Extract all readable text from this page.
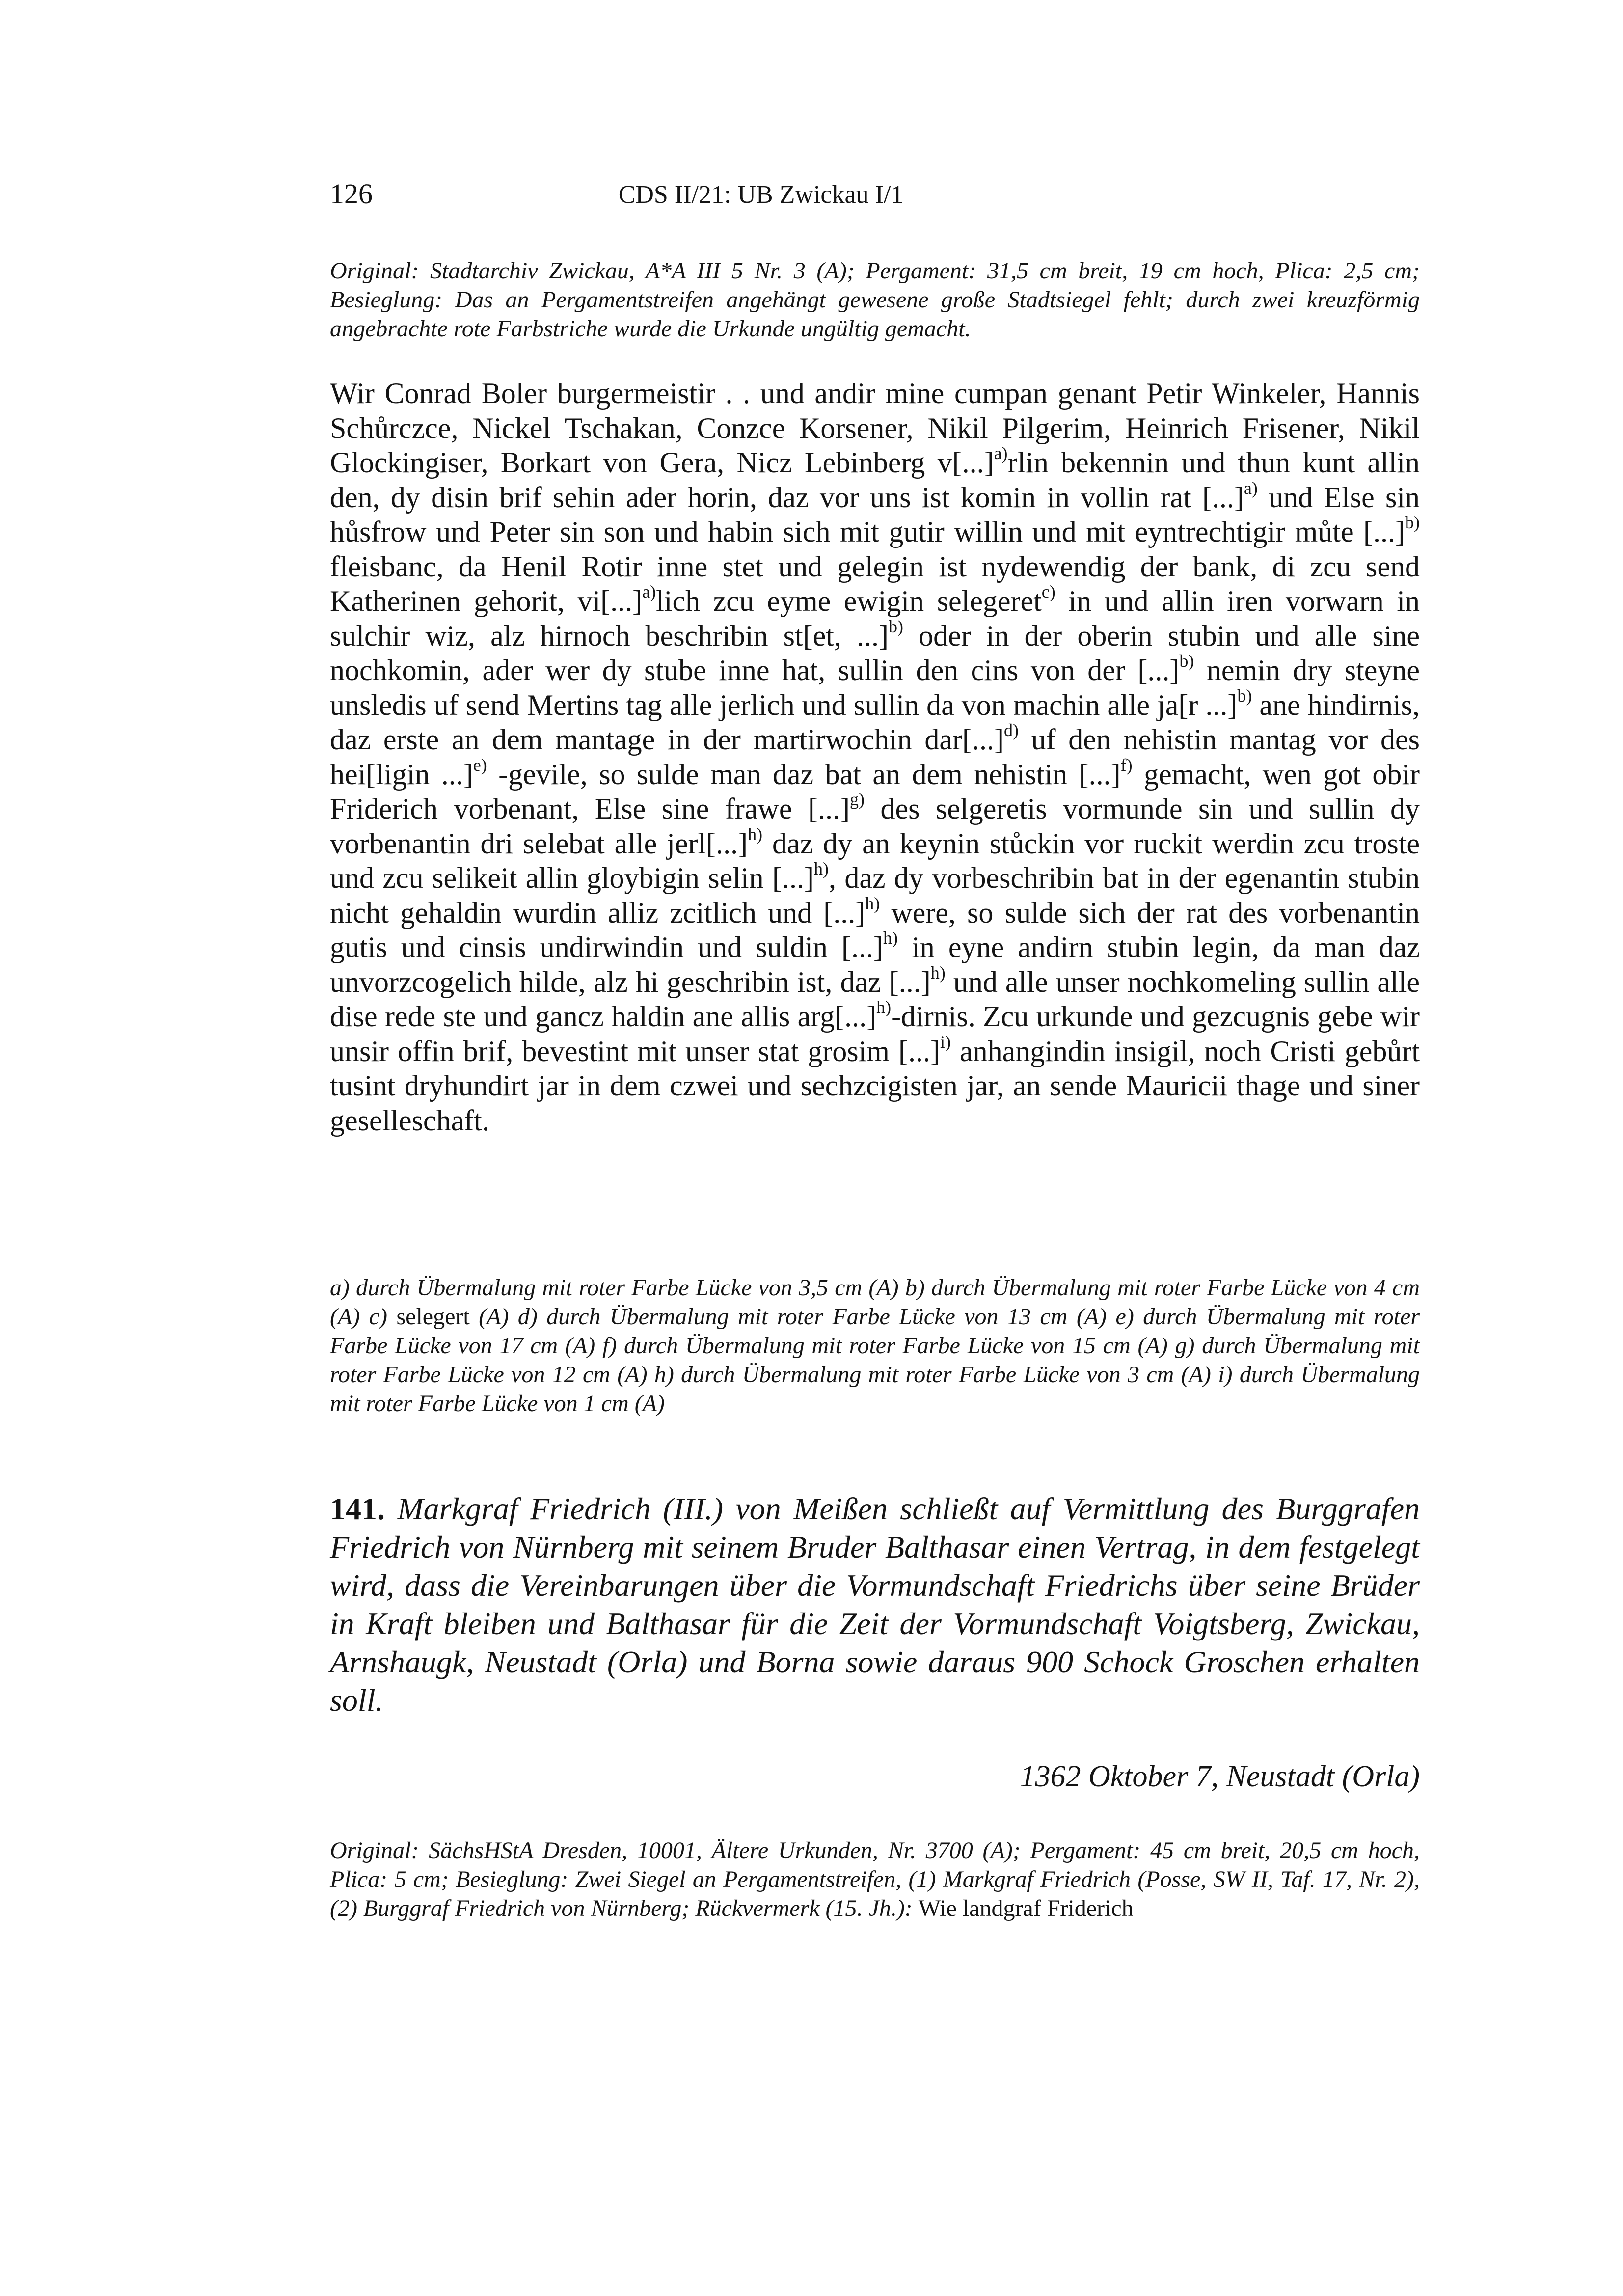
126	CDS II/21: UB Zwickau I/1
Original: Stadtarchiv Zwickau, A*A III 5 Nr. 3 (A); Pergament: 31,5 cm breit, 19 cm hoch, Plica: 2,5 cm; Besieglung: Das an Pergamentstreifen angehängt gewesene große Stadtsiegel fehlt; durch zwei kreuzförmig angebrachte rote Farbstriche wurde die Urkunde ungültig gemacht.
Wir Conrad Boler burgermeistir . . und andir mine cumpan genant Petir Winkeler, Hannis Schůrczce, Nickel Tschakan, Conzce Korsener, Nikil Pilgerim, Heinrich Frisener, Nikil Glockingiser, Borkart von Gera, Nicz Lebinberg v[...]$^{a)}$rlin bekennin und thun kunt allin den, dy disin brif sehin ader horin, daz vor uns ist komin in vollin rat [...]$^{a)}$ und Else sin hůsfrow und Peter sin son und habin sich mit gutir willin und mit eyntrechtigir můte [...]$^{b)}$ fleisbanc, da Henil Rotir inne stet und gelegin ist nydewendig der bank, di zcu send Katherinen gehorit, vi[...]$^{a)}$lich zcu eyme ewigin selegeret$^{c)}$ in und allin iren vorwarn in sulchir wiz, alz hirnoch beschribin st[et, ...]$^{b)}$ oder in der oberin stubin und alle sine nochkomin, ader wer dy stube inne hat, sullin den cins von der [...]$^{b)}$ nemin dry steyne unsledis uf send Mertins tag alle jerlich und sullin da von machin alle ja[r ...]$^{b)}$ ane hindirnis, daz erste an dem mantage in der martirwochin dar[...]$^{d)}$ uf den nehistin mantag vor des hei[ligin ...]$^{e)}$ -gevile, so sulde man daz bat an dem nehistin [...]$^{f)}$ gemacht, wen got obir Friderich vorbenant, Else sine frawe [...]$^{g)}$ des selgeretis vormunde sin und sullin dy vorbenantin dri selebat alle jerl[...]$^{h)}$ daz dy an keynin stůckin vor ruckit werdin zcu troste und zcu selikeit allin gloybigin selin [...]$^{h)}$, daz dy vorbeschribin bat in der egenantin stubin nicht gehaldin wurdin alliz zcitlich und [...]$^{h)}$ were, so sulde sich der rat des vorbenantin gutis und cinsis undirwindin und suldin [...]$^{h)}$ in eyne andirn stubin legin, da man daz unvorzcogelich hilde, alz hi geschribin ist, daz [...]$^{h)}$ und alle unser nochkomeling sullin alle dise rede ste und gancz haldin ane allis arg[...]$^{h)}$-dirnis. Zcu urkunde und gezcugnis gebe wir unsir offin brif, bevestint mit unser stat grosim [...]$^{i)}$ anhangindin insigil, noch Cristi gebůrt tusint dryhundirt jar in dem czwei und sechzcigisten jar, an sende Mauricii thage und siner geselleschaft.
a) durch Übermalung mit roter Farbe Lücke von 3,5 cm (A) b) durch Übermalung mit roter Farbe Lücke von 4 cm (A) c) selegert (A) d) durch Übermalung mit roter Farbe Lücke von 13 cm (A) e) durch Übermalung mit roter Farbe Lücke von 17 cm (A) f) durch Übermalung mit roter Farbe Lücke von 15 cm (A) g) durch Übermalung mit roter Farbe Lücke von 12 cm (A) h) durch Übermalung mit roter Farbe Lücke von 3 cm (A) i) durch Übermalung mit roter Farbe Lücke von 1 cm (A)
141. Markgraf Friedrich (III.) von Meißen schließt auf Vermittlung des Burggrafen Friedrich von Nürnberg mit seinem Bruder Balthasar einen Vertrag, in dem festgelegt wird, dass die Vereinbarungen über die Vormundschaft Friedrichs über seine Brüder in Kraft bleiben und Balthasar für die Zeit der Vormundschaft Voigtsberg, Zwickau, Arnshaugk, Neustadt (Orla) und Borna sowie daraus 900 Schock Groschen erhalten soll.
1362 Oktober 7, Neustadt (Orla)
Original: SächsHStA Dresden, 10001, Ältere Urkunden, Nr. 3700 (A); Pergament: 45 cm breit, 20,5 cm hoch, Plica: 5 cm; Besieglung: Zwei Siegel an Pergamentstreifen, (1) Markgraf Friedrich (Posse, SW II, Taf. 17, Nr. 2), (2) Burggraf Friedrich von Nürnberg; Rückvermerk (15. Jh.): Wie landgraf Friderich
